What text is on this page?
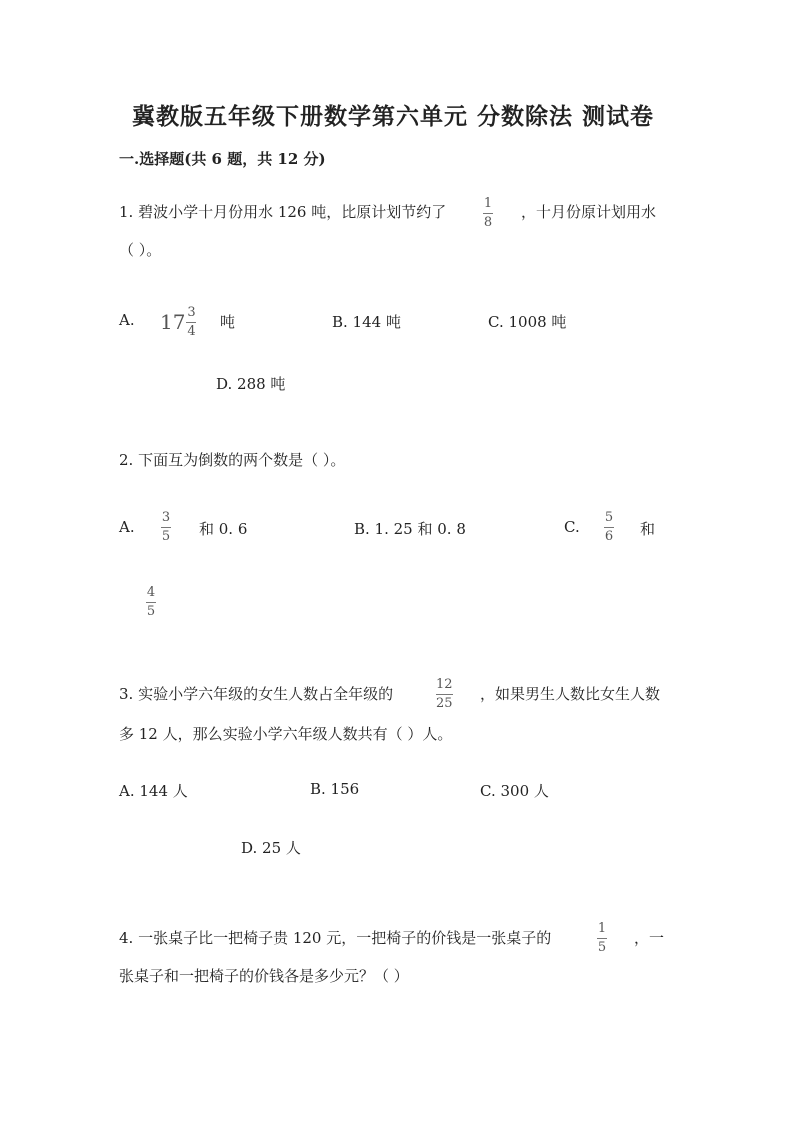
冀教版五年级下册数学第六单元 分数除法 测试卷
一.选择题(共 6 题，共 12 分)
1. 碧波小学十月份用水 126 吨，比原计划节约了	1
8
，十月份原计划用水
（ ）。
A. $17 \frac{3}{4}$ 吨	B. 144 吨	C. 1008 吨
D. 288 吨
2. 下面互为倒数的两个数是（ ）。
A.
3
5 和 0. 6	B. 1. 25 和 0. 8	C.
5
6 和
4
5
3. 实验小学六年级的女生人数占全年级的
12
25
，如果男生人数比女生人数
多 12 人，那么实验小学六年级人数共有（ ）人。
A. 144 人	B. 156	C. 300 人
D. 25 人
4. 一张桌子比一把椅子贵 120 元，一把椅子的价钱是一张桌子的
1
5
，一
张桌子和一把椅子的价钱各是多少元？（ ）
